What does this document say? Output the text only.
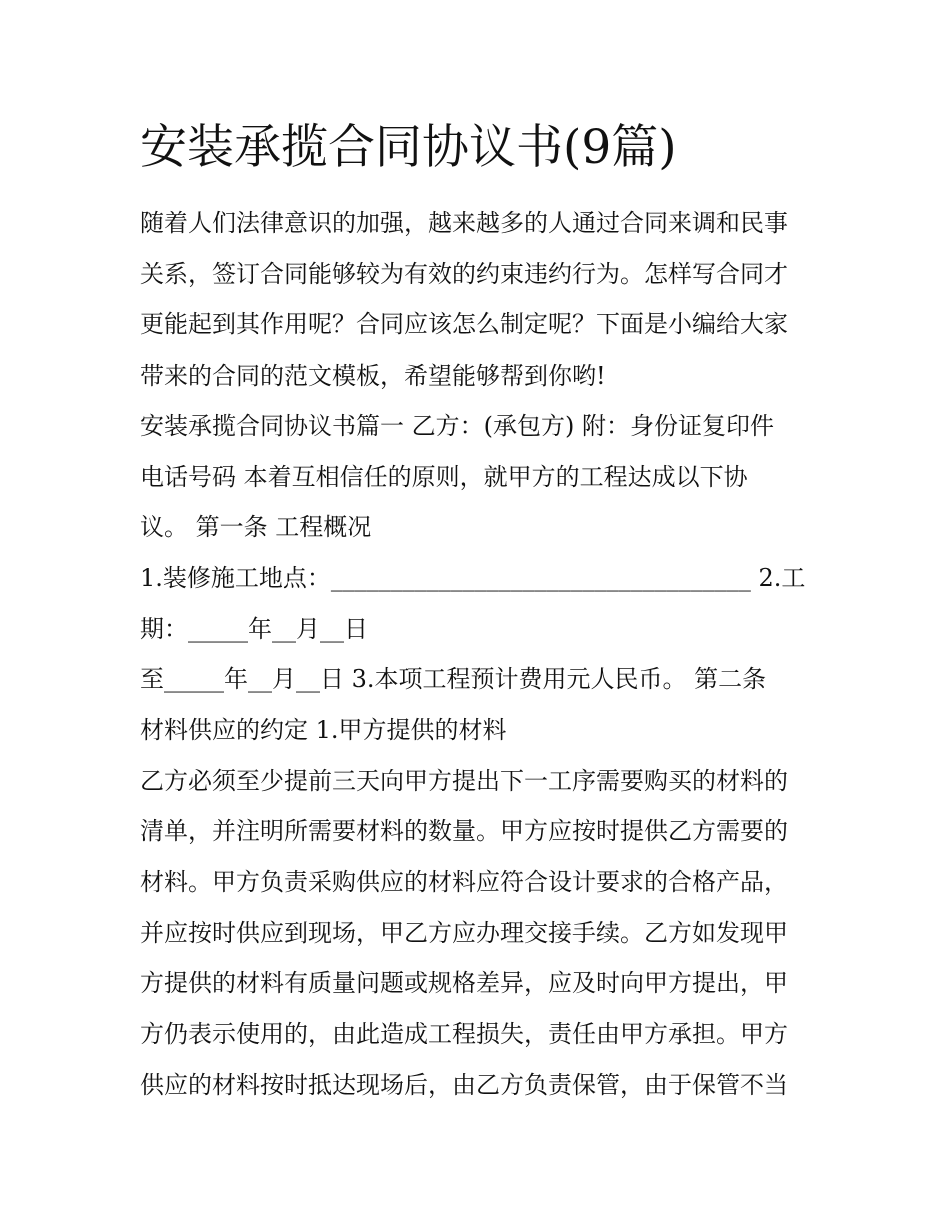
安装承揽合同协议书(9篇)

随着人们法律意识的加强，越来越多的人通过合同来调和民事

关系，签订合同能够较为有效的约束违约行为。怎样写合同才

更能起到其作用呢？合同应该怎么制定呢？下面是小编给大家

带来的合同的范文模板，希望能够帮到你哟!

安装承揽合同协议书篇一 乙方：(承包方) 附：身份证复印件

电话号码 本着互相信任的原则，就甲方的工程达成以下协

议。 第一条 工程概况

1.装修施工地点：___________________________________ 2.工

期：_____年__月__日

至_____年__月__日 3.本项工程预计费用元人民币。 第二条

材料供应的约定 1.甲方提供的材料

乙方必须至少提前三天向甲方提出下一工序需要购买的材料的

清单，并注明所需要材料的数量。甲方应按时提供乙方需要的

材料。甲方负责采购供应的材料应符合设计要求的合格产品，

并应按时供应到现场，甲乙方应办理交接手续。乙方如发现甲

方提供的材料有质量问题或规格差异，应及时向甲方提出，甲

方仍表示使用的，由此造成工程损失，责任由甲方承担。甲方

供应的材料按时抵达现场后，由乙方负责保管，由于保管不当
